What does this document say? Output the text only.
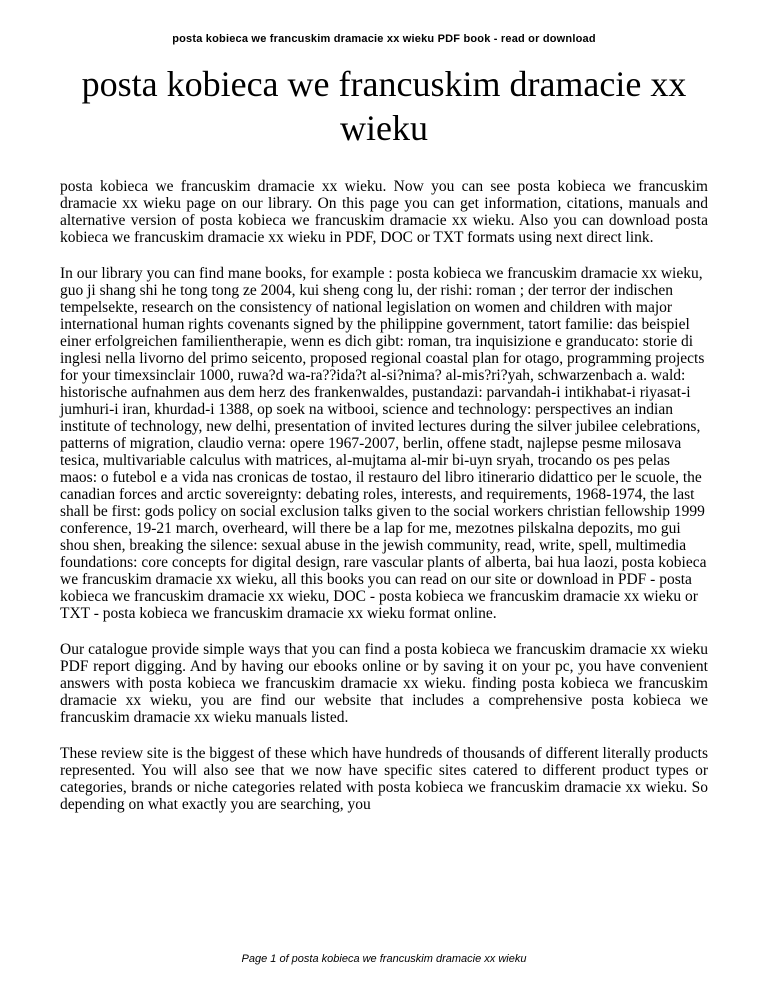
posta kobieca we francuskim dramacie xx wieku PDF book - read or download
posta kobieca we francuskim dramacie xx wieku

posta kobieca we francuskim dramacie xx wieku. Now you can see posta kobieca we francuskim dramacie xx wieku page on our library. On this page you can get information, citations, manuals and alternative version of posta kobieca we francuskim dramacie xx wieku. Also you can download posta kobieca we francuskim dramacie xx wieku in PDF, DOC or TXT formats using next direct link.

In our library you can find mane books, for example : posta kobieca we francuskim dramacie xx wieku, guo ji shang shi he tong tong ze 2004, kui sheng cong lu, der rishi: roman ; der terror der indischen tempelsekte, research on the consistency of national legislation on women and children with major international human rights covenants signed by the philippine government, tatort familie: das beispiel einer erfolgreichen familientherapie, wenn es dich gibt: roman, tra inquisizione e granducato: storie di inglesi nella livorno del primo seicento, proposed regional coastal plan for otago, programming projects for your timexsinclair 1000, ruwa?d wa-ra??ida?t al-si?nima? al-mis?ri?yah, schwarzenbach a. wald: historische aufnahmen aus dem herz des frankenwaldes, pustandazi: parvandah-i intikhabat-i riyasat-i jumhuri-i iran, khurdad-i 1388, op soek na witbooi, science and technology: perspectives an indian institute of technology, new delhi, presentation of invited lectures during the silver jubilee celebrations, patterns of migration, claudio verna: opere 1967-2007, berlin, offene stadt, najlepse pesme milosava tesica, multivariable calculus with matrices, al-mujtama al-mir bi-uyn sryah, trocando os pes pelas maos: o futebol e a vida nas cronicas de tostao, il restauro del libro itinerario didattico per le scuole, the canadian forces and arctic sovereignty: debating roles, interests, and requirements, 1968-1974, the last shall be first: gods policy on social exclusion talks given to the social workers christian fellowship 1999 conference, 19-21 march, overheard, will there be a lap for me, mezotnes pilskalna depozits, mo gui shou shen, breaking the silence: sexual abuse in the jewish community, read, write, spell, multimedia foundations: core concepts for digital design, rare vascular plants of alberta, bai hua laozi, posta kobieca we francuskim dramacie xx wieku, all this books you can read on our site or download in PDF - posta kobieca we francuskim dramacie xx wieku, DOC - posta kobieca we francuskim dramacie xx wieku or TXT - posta kobieca we francuskim dramacie xx wieku format online.

Our catalogue provide simple ways that you can find a posta kobieca we francuskim dramacie xx wieku PDF report digging. And by having our ebooks online or by saving it on your pc, you have convenient answers with posta kobieca we francuskim dramacie xx wieku. finding posta kobieca we francuskim dramacie xx wieku, you are find our website that includes a comprehensive posta kobieca we francuskim dramacie xx wieku manuals listed.

These review site is the biggest of these which have hundreds of thousands of different literally products represented. You will also see that we now have specific sites catered to different product types or categories, brands or niche categories related with posta kobieca we francuskim dramacie xx wieku. So depending on what exactly you are searching, you

Page 1 of posta kobieca we francuskim dramacie xx wieku
